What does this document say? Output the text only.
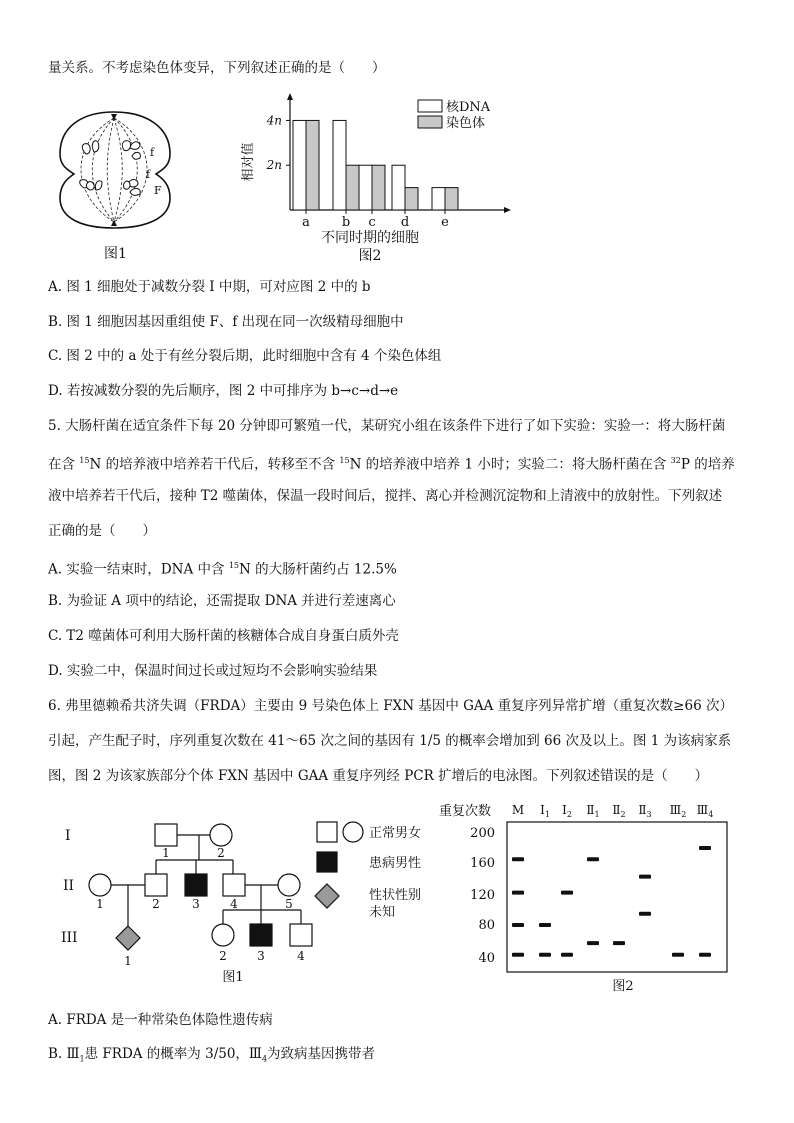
量关系。不考虑染色体变异，下列叙述正确的是（　　）
f
f
F
图1
相对值
不同时期的细胞
图2
2n
4n
a b c d e
核DNA
染色体
A. 图 1 细胞处于减数分裂 I 中期，可对应图 2 中的 b
B. 图 1 细胞因基因重组使 F、f 出现在同一次级精母细胞中
C. 图 2 中的 a 处于有丝分裂后期，此时细胞中含有 4 个染色体组
D. 若按减数分裂的先后顺序，图 2 中可排序为 b→c→d→e
5. 大肠杆菌在适宜条件下每 20 分钟即可繁殖一代，某研究小组在该条件下进行了如下实验：实验一：将大肠杆菌
在含 $^{15}$N 的培养液中培养若干代后，转移至不含 $^{15}$N 的培养液中培养 1 小时；实验二：将大肠杆菌在含 $^{32}$P 的培养
液中培养若干代后，接种 T2 噬菌体，保温一段时间后，搅拌、离心并检测沉淀物和上清液中的放射性。下列叙述
正确的是（　　）
A. 实验一结束时，DNA 中含 $^{15}$N 的大肠杆菌约占 12.5%
B. 为验证 A 项中的结论，还需提取 DNA 并进行差速离心
C. T2 噬菌体可利用大肠杆菌的核糖体合成自身蛋白质外壳
D. 实验二中，保温时间过长或过短均不会影响实验结果
6. 弗里德赖希共济失调（FRDA）主要由 9 号染色体上 FXN 基因中 GAA 重复序列异常扩增（重复次数≥66 次）
引起，产生配子时，序列重复次数在 41～65 次之间的基因有 1/5 的概率会增加到 66 次及以上。图 1 为该病家系
图，图 2 为该家族部分个体 FXN 基因中 GAA 重复序列经 PCR 扩增后的电泳图。下列叙述错误的是（　　）
I
II
III
1	2
1	2	3	4	5
1	2	3	4
正常男女
患病男性
性状性别
未知
图1
重复次数
图2
200
160
120
80
40
M $Ⅰ_1$ $Ⅰ_2$ $Ⅱ_1$ $Ⅱ_2$ $Ⅱ_3$ $Ⅲ_2$ $Ⅲ_4$
A. FRDA 是一种常染色体隐性遗传病
B. $Ⅲ_1$患 FRDA 的概率为 3/50，$Ⅲ_4$为致病基因携带者
